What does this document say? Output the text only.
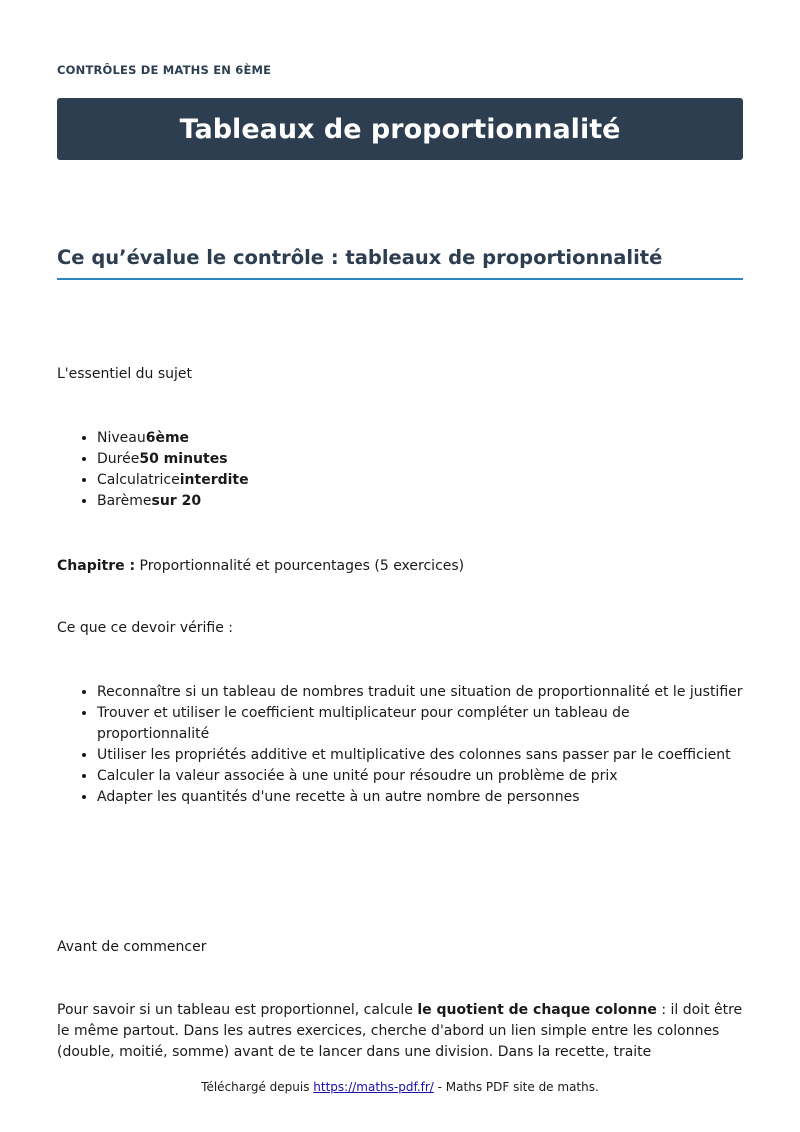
CONTRÔLES DE MATHS EN 6ÈME
Tableaux de proportionnalité
Ce qu’évalue le contrôle : tableaux de proportionnalité

L'essentiel du sujet

• Niveau6ème
• Durée50 minutes
• Calculatriceinterdite
• Barèmesur 20

Chapitre : Proportionnalité et pourcentages (5 exercices)

Ce que ce devoir vérifie :

• Reconnaître si un tableau de nombres traduit une situation de proportionnalité et le justifier
• Trouver et utiliser le coefficient multiplicateur pour compléter un tableau de proportionnalité
• Utiliser les propriétés additive et multiplicative des colonnes sans passer par le coefficient
• Calculer la valeur associée à une unité pour résoudre un problème de prix
• Adapter les quantités d'une recette à un autre nombre de personnes

Avant de commencer

Pour savoir si un tableau est proportionnel, calcule le quotient de chaque colonne : il doit être le même partout. Dans les autres exercices, cherche d'abord un lien simple entre les colonnes (double, moitié, somme) avant de te lancer dans une division. Dans la recette, traite

Téléchargé depuis https://maths-pdf.fr/ - Maths PDF site de maths.
